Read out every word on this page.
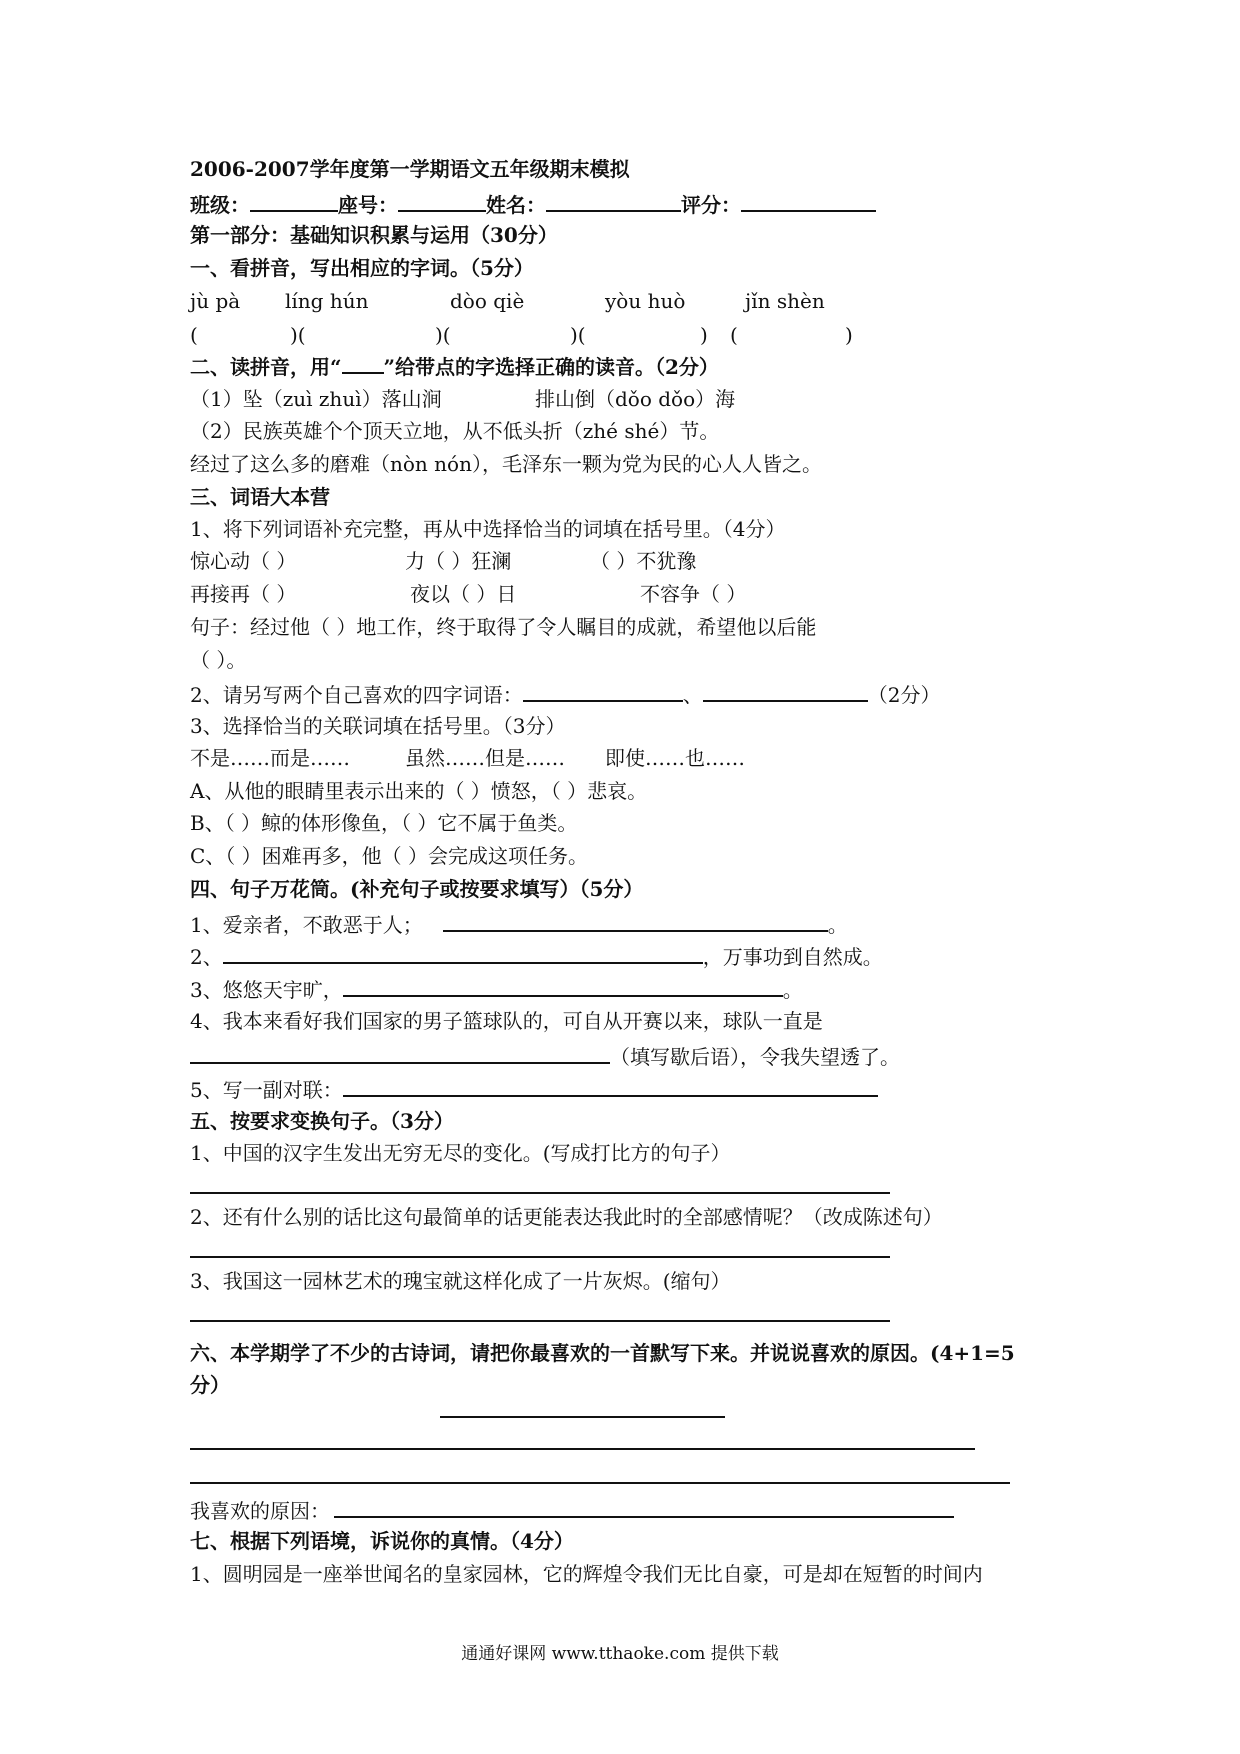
2006-2007学年度第一学期语文五年级期末模拟
班级：	座号：	姓名：	评分：
第一部分：基础知识积累与运用（30分）
一、看拼音，写出相应的字词。（5分）
jù pà líng hún	dòo qiè	yòu huò	jǐn shèn
(	)(	)(	)(	) (	)
二、读拼音，用“ ”给带点的字选择正确的读音。（2分）
（1）坠（zuì zhuì）落山涧	排山倒（dǒo dǒo）海
（2）民族英雄个个顶天立地，从不低头折（zhé shé）节。
经过了这么多的磨难（nòn nón），毛泽东一颗为党为民的心人人皆之。
三、词语大本营
1、将下列词语补充完整，再从中选择恰当的词填在括号里。（4分）
惊心动（ ）	力（ ）狂澜	（ ）不犹豫
再接再（ ）	夜以（ ）日	不容争（ ）
句子：经过他（ ）地工作，终于取得了令人瞩目的成就，希望他以后能
（ ）。
2、请另写两个自己喜欢的四字词语：	、	（2分）
3、选择恰当的关联词填在括号里。（3分）
不是……而是……	虽然……但是…… 即使……也……
A、从他的眼睛里表示出来的（ ）愤怒，（ ）悲哀。
B、（ ）鲸的体形像鱼，（ ）它不属于鱼类。
C、（ ）困难再多，他（ ）会完成这项任务。
四、句子万花筒。(补充句子或按要求填写）（5分）
1、爱亲者，不敢恶于人；	。
2、	，万事功到自然成。
3、悠悠天宇旷，	。
4、我本来看好我们国家的男子篮球队的，可自从开赛以来，球队一直是
（填写歇后语），令我失望透了。
5、写一副对联：
五、按要求变换句子。（3分）
1、中国的汉字生发出无穷无尽的变化。(写成打比方的句子）
2、还有什么别的话比这句最简单的话更能表达我此时的全部感情呢？（改成陈述句）
3、我国这一园林艺术的瑰宝就这样化成了一片灰烬。(缩句）
六、本学期学了不少的古诗词，请把你最喜欢的一首默写下来。并说说喜欢的原因。(4+1=5
分）
我喜欢的原因：
七、根据下列语境，诉说你的真情。（4分）
1、圆明园是一座举世闻名的皇家园林，它的辉煌令我们无比自豪，可是却在短暂的时间内
通通好课网 www.tthaoke.com 提供下载
